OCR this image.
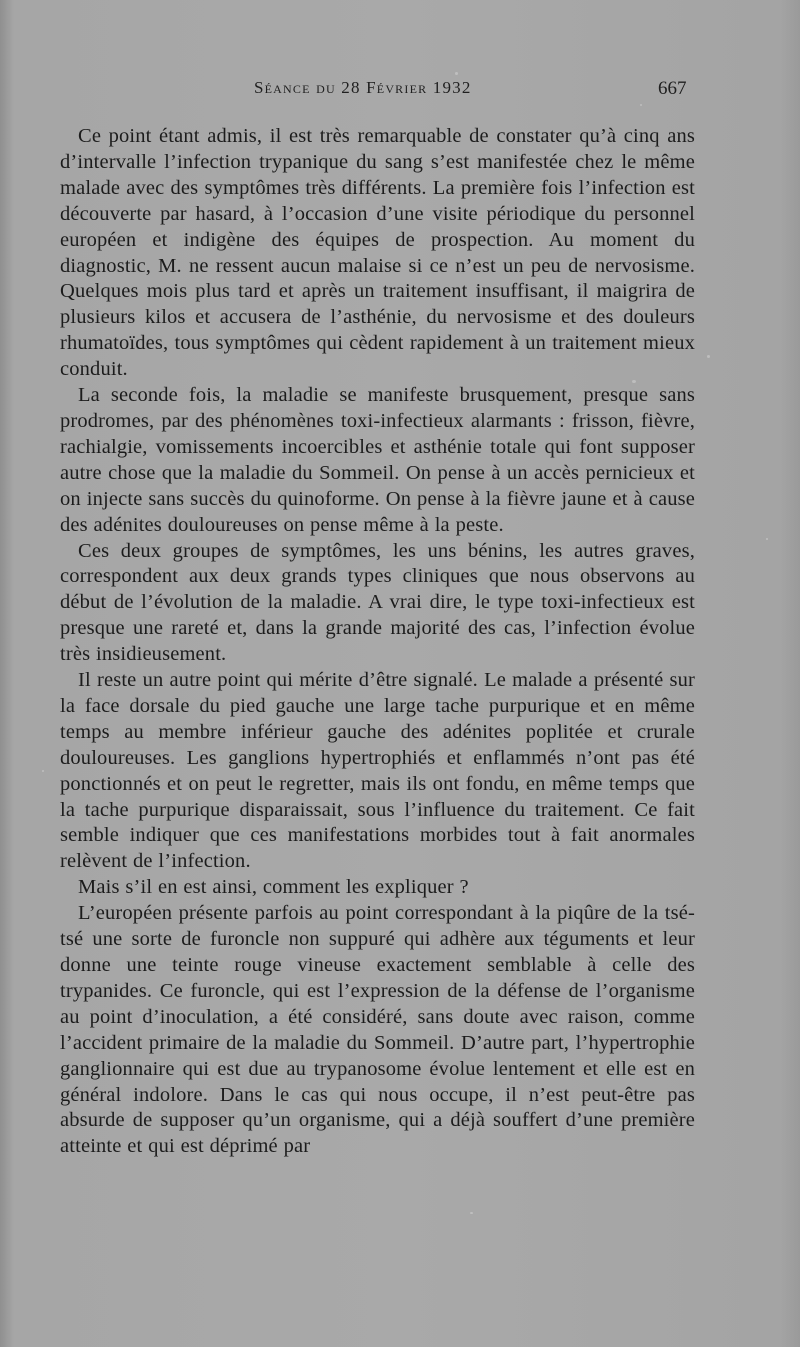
Séance du 28 Février 1932	667

Ce point étant admis, il est très remarquable de constater qu’à cinq ans d’intervalle l’infection trypanique du sang s’est manifestée chez le même malade avec des symptômes très différents. La première fois l’infection est découverte par hasard, à l’occasion d’une visite périodique du personnel européen et indigène des équipes de prospection. Au moment du diagnostic, M. ne ressent aucun malaise si ce n’est un peu de nervosisme. Quelques mois plus tard et après un traitement insuffisant, il maigrira de plusieurs kilos et accusera de l’asthénie, du nervosisme et des douleurs rhumatoïdes, tous symptômes qui cèdent rapidement à un traitement mieux conduit.

La seconde fois, la maladie se manifeste brusquement, presque sans prodromes, par des phénomènes toxi-infectieux alarmants : frisson, fièvre, rachialgie, vomissements incoercibles et asthénie totale qui font supposer autre chose que la maladie du Sommeil. On pense à un accès pernicieux et on injecte sans succès du quinoforme. On pense à la fièvre jaune et à cause des adénites douloureuses on pense même à la peste.

Ces deux groupes de symptômes, les uns bénins, les autres graves, correspondent aux deux grands types cliniques que nous observons au début de l’évolution de la maladie. A vrai dire, le type toxi-infectieux est presque une rareté et, dans la grande majorité des cas, l’infection évolue très insidieusement.

Il reste un autre point qui mérite d’être signalé. Le malade a présenté sur la face dorsale du pied gauche une large tache purpurique et en même temps au membre inférieur gauche des adénites poplitée et crurale douloureuses. Les ganglions hypertrophiés et enflammés n’ont pas été ponctionnés et on peut le regretter, mais ils ont fondu, en même temps que la tache purpurique disparaissait, sous l’influence du traitement. Ce fait semble indiquer que ces manifestations morbides tout à fait anormales relèvent de l’infection.

Mais s’il en est ainsi, comment les expliquer ?

L’européen présente parfois au point correspondant à la piqûre de la tsé-tsé une sorte de furoncle non suppuré qui adhère aux téguments et leur donne une teinte rouge vineuse exactement semblable à celle des trypanides. Ce furoncle, qui est l’expression de la défense de l’organisme au point d’inoculation, a été considéré, sans doute avec raison, comme l’accident primaire de la maladie du Sommeil. D’autre part, l’hypertrophie ganglionnaire qui est due au trypanosome évolue lentement et elle est en général indolore. Dans le cas qui nous occupe, il n’est peut-être pas absurde de supposer qu’un organisme, qui a déjà souffert d’une première atteinte et qui est déprimé par
